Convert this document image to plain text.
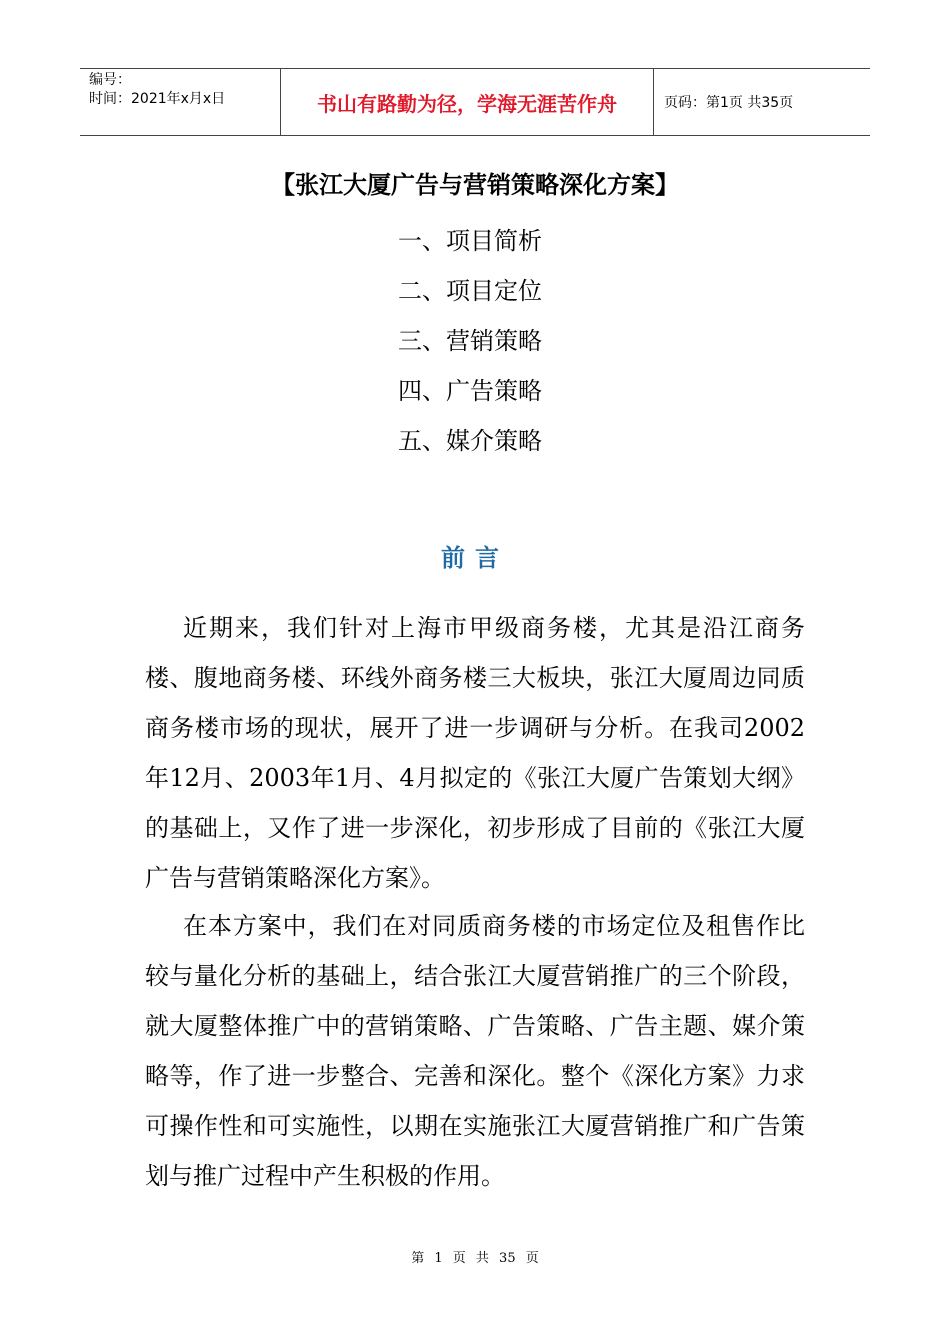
编号：
时间：2021年x月x日	书山有路勤为径，学海无涯苦作舟	页码：第1页 共35页
【张江大厦广告与营销策略深化方案】
一、项目简析
二、项目定位
三、营销策略
四、广告策略
五、媒介策略
前言

近期来，我们针对上海市甲级商务楼，尤其是沿江商务楼、腹地商务楼、环线外商务楼三大板块，张江大厦周边同质商务楼市场的现状，展开了进一步调研与分析。在我司2002年12月、2003年1月、4月拟定的《张江大厦广告策划大纲》的基础上，又作了进一步深化，初步形成了目前的《张江大厦广告与营销策略深化方案》。

在本方案中，我们在对同质商务楼的市场定位及租售作比较与量化分析的基础上，结合张江大厦营销推广的三个阶段，就大厦整体推广中的营销策略、广告策略、广告主题、媒介策略等，作了进一步整合、完善和深化。整个《深化方案》力求可操作性和可实施性，以期在实施张江大厦营销推广和广告策划与推广过程中产生积极的作用。

第 1 页 共 35 页
